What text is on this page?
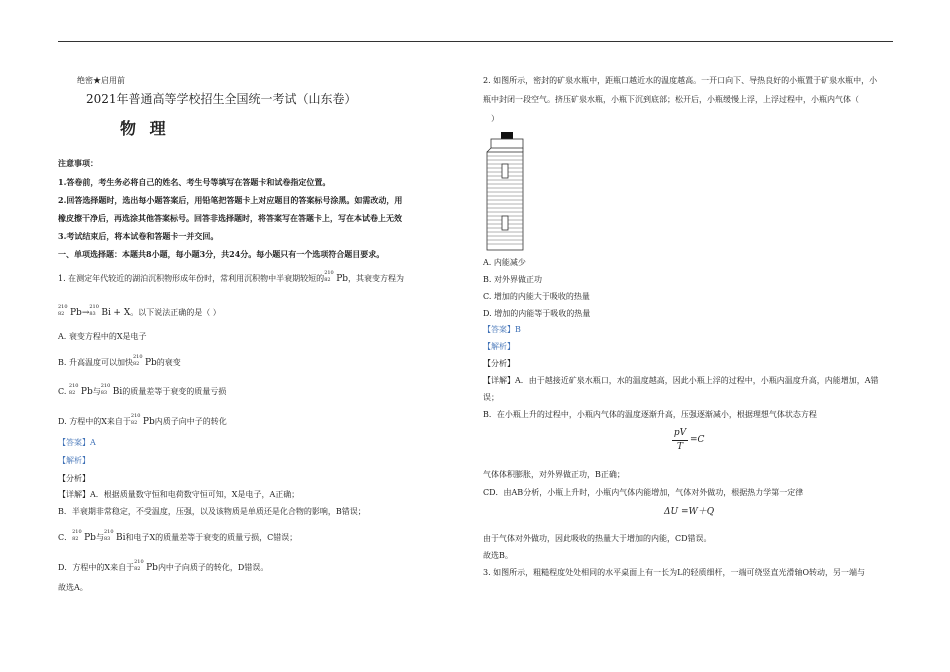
绝密★启用前
2021年普通高等学校招生全国统一考试（山东卷）
物 理
注意事项：
1.答卷前，考生务必将自己的姓名、考生号等填写在答题卡和试卷指定位置。
2.回答选择题时，选出每小题答案后，用铅笔把答题卡上对应题目的答案标号涂黑。如需改动，用
橡皮擦干净后，再选涂其他答案标号。回答非选择题时，将答案写在答题卡上，写在本试卷上无效
3.考试结束后，将本试卷和答题卡一并交回。
一、单项选择题：本题共8小题，每小题3分，共24分。每小题只有一个选项符合题目要求。
1. 在测定年代较近的湖泊沉积物形成年份时，常利用沉积物中半衰期较短的
210
82 Pb，其衰变方程为
210
82 Pb→
210
83 Bi + X。以下说法正确的是（ ）
A. 衰变方程中的X是电子
B. 升高温度可以加快
210
82 Pb的衰变
C.
210
82 Pb与
210
83 Bi的质量差等于衰变的质量亏损
D. 方程中的X来自于
210
82 Pb内质子向中子的转化
【答案】A
【解析】
【分析】
【详解】A．根据质量数守恒和电荷数守恒可知，X是电子，A正确；
B．半衰期非常稳定，不受温度，压强，以及该物质是单质还是化合物的影响，B错误；
C．
210
82 Pb与
210
83 Bi和电子X的质量差等于衰变的质量亏损，C错误；
D．方程中的X来自于
210
82 Pb内中子向质子的转化，D错误。
故选A。
2. 如图所示，密封的矿泉水瓶中，距瓶口越近水的温度越高。一开口向下、导热良好的小瓶置于矿泉水瓶中，小
瓶中封闭一段空气。挤压矿泉水瓶，小瓶下沉到底部；松开后，小瓶缓慢上浮，上浮过程中，小瓶内气体（
）
A. 内能减少
B. 对外界做正功
C. 增加的内能大于吸收的热量
D. 增加的内能等于吸收的热量
【答案】B
【解析】
【分析】
【详解】A．由于越接近矿泉水瓶口，水的温度越高，因此小瓶上浮的过程中，小瓶内温度升高，内能增加，A错
误；
B．在小瓶上升的过程中，小瓶内气体的温度逐渐升高，压强逐渐减小，根据理想气体状态方程
pV
T
=C
气体体积膨胀，对外界做正功，B正确；
CD．由AB分析，小瓶上升时，小瓶内气体内能增加，气体对外做功，根据热力学第一定律
ΔU =W＋Q
由于气体对外做功，因此吸收的热量大于增加的内能，CD错误。
故选B。
3. 如图所示，粗糙程度处处相同的水平桌面上有一长为L的轻质细杆，一端可绕竖直光滑轴O转动，另一端与
